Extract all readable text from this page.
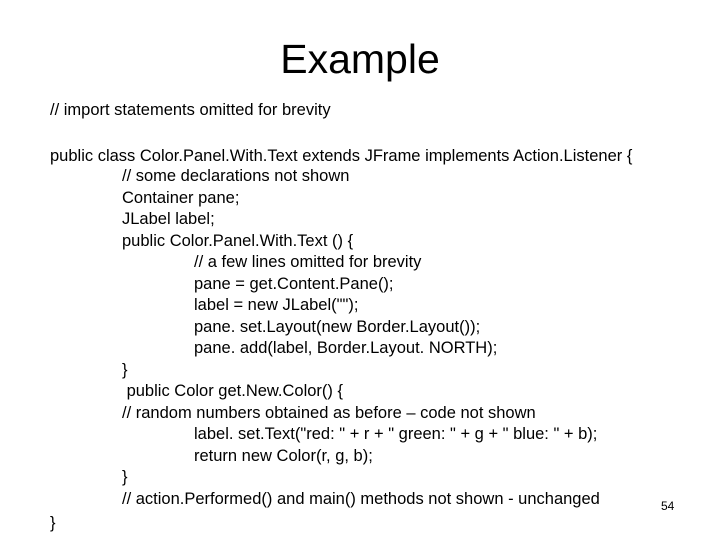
Example
// import statements omitted for brevity
public class Color.Panel.With.Text extends JFrame implements Action.Listener {
// some declarations not shown
Container pane;
JLabel label;
public Color.Panel.With.Text () {
// a few lines omitted for brevity
pane = get.Content.Pane();
label = new JLabel("");
pane. set.Layout(new Border.Layout());
pane. add(label, Border.Layout. NORTH);
}
public Color get.New.Color() {
// random numbers obtained as before – code not shown
label. set.Text("red: " + r + " green: " + g + " blue: " + b);
return new Color(r, g, b);
}
// action.Performed() and main() methods not shown - unchanged
}
54
